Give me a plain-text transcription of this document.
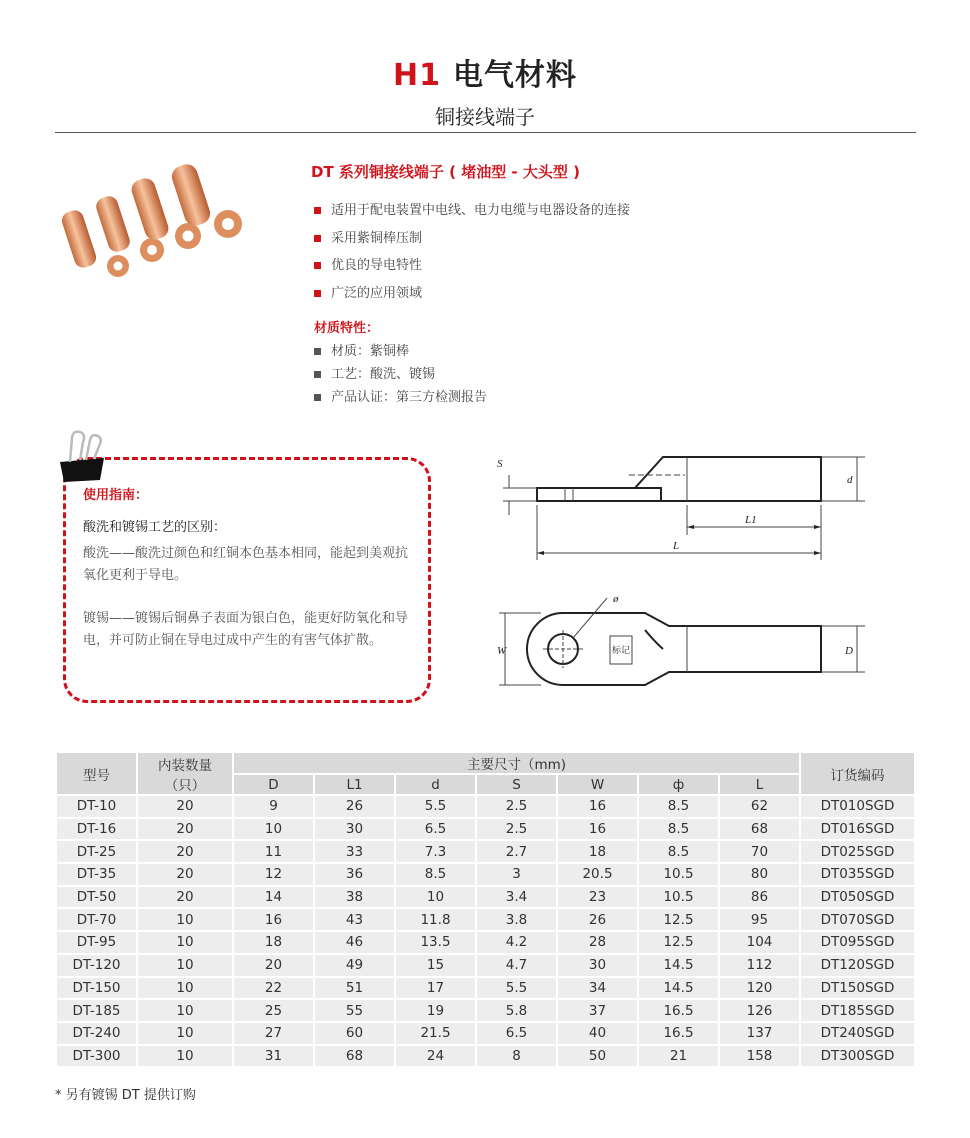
H1 电气材料
铜接线端子
DT 系列铜接线端子 ( 堵油型 - 大头型 )
适用于配电装置中电线、电力电缆与电器设备的连接
采用紫铜棒压制
优良的导电特性
广泛的应用领域
材质特性：
材质：紫铜棒
工艺：酸洗、镀锡
产品认证：第三方检测报告
使用指南：
酸洗和镀锡工艺的区别：
酸洗——酸洗过颜色和红铜本色基本相同，能起到美观抗氧化更利于导电。
镀锡——镀锡后铜鼻子表面为银白色，能更好防氧化和导电，并可防止铜在导电过成中产生的有害气体扩散。
S
d
L1
L
ø
W	D
标记
型号	内装数量（只）	主要尺寸（mm)							订货编码
		D	L1	d	S	W	ф	L	
DT-10	20	9	26	5.5	2.5	16	8.5	62	DT010SGD
DT-16	20	10	30	6.5	2.5	16	8.5	68	DT016SGD
DT-25	20	11	33	7.3	2.7	18	8.5	70	DT025SGD
DT-35	20	12	36	8.5	3	20.5	10.5	80	DT035SGD
DT-50	20	14	38	10	3.4	23	10.5	86	DT050SGD
DT-70	10	16	43	11.8	3.8	26	12.5	95	DT070SGD
DT-95	10	18	46	13.5	4.2	28	12.5	104	DT095SGD
DT-120	10	20	49	15	4.7	30	14.5	112	DT120SGD
DT-150	10	22	51	17	5.5	34	14.5	120	DT150SGD
DT-185	10	25	55	19	5.8	37	16.5	126	DT185SGD
DT-240	10	27	60	21.5	6.5	40	16.5	137	DT240SGD
DT-300	10	31	68	24	8	50	21	158	DT300SGD
* 另有镀锡 DT 提供订购
